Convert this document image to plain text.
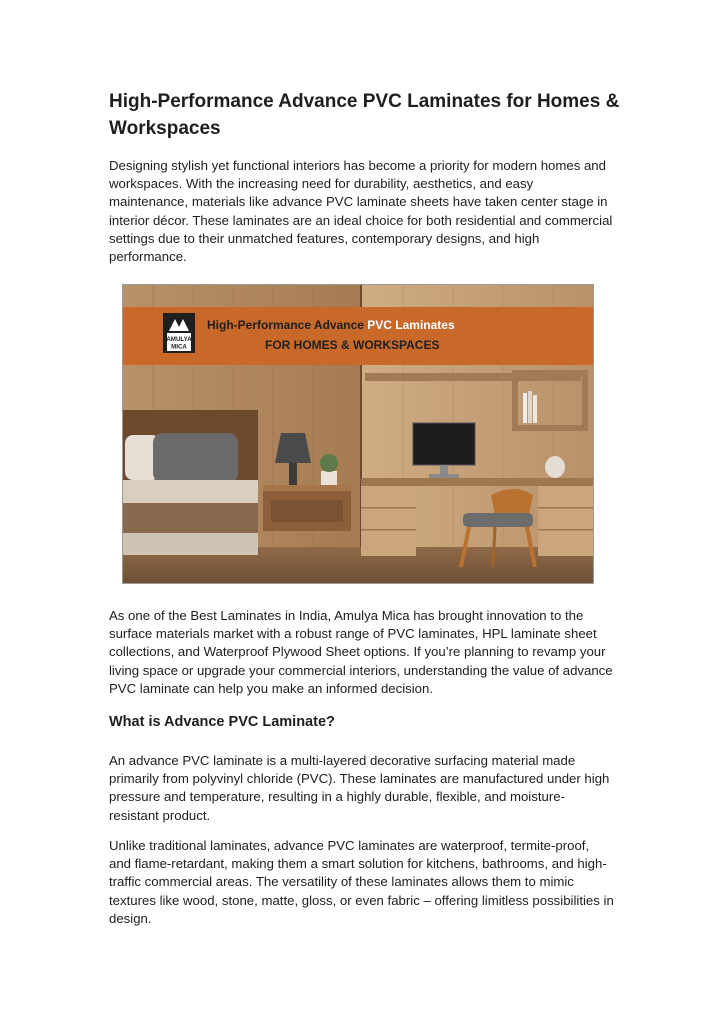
High-Performance Advance PVC Laminates for Homes & Workspaces

Designing stylish yet functional interiors has become a priority for modern homes and workspaces. With the increasing need for durability, aesthetics, and easy maintenance, materials like advance PVC laminate sheets have taken center stage in interior décor. These laminates are an ideal choice for both residential and commercial settings due to their unmatched features, contemporary designs, and high performance.

AMULYA
MICA
High-Performance Advance PVC Laminates
FOR HOMES & WORKSPACES

As one of the Best Laminates in India, Amulya Mica has brought innovation to the surface materials market with a robust range of PVC laminates, HPL laminate sheet collections, and Waterproof Plywood Sheet options. If you’re planning to revamp your living space or upgrade your commercial interiors, understanding the value of advance PVC laminate can help you make an informed decision.

What is Advance PVC Laminate?

An advance PVC laminate is a multi-layered decorative surfacing material made primarily from polyvinyl chloride (PVC). These laminates are manufactured under high pressure and temperature, resulting in a highly durable, flexible, and moisture-resistant product.

Unlike traditional laminates, advance PVC laminates are waterproof, termite-proof, and flame-retardant, making them a smart solution for kitchens, bathrooms, and high-traffic commercial areas. The versatility of these laminates allows them to mimic textures like wood, stone, matte, gloss, or even fabric – offering limitless possibilities in design.
